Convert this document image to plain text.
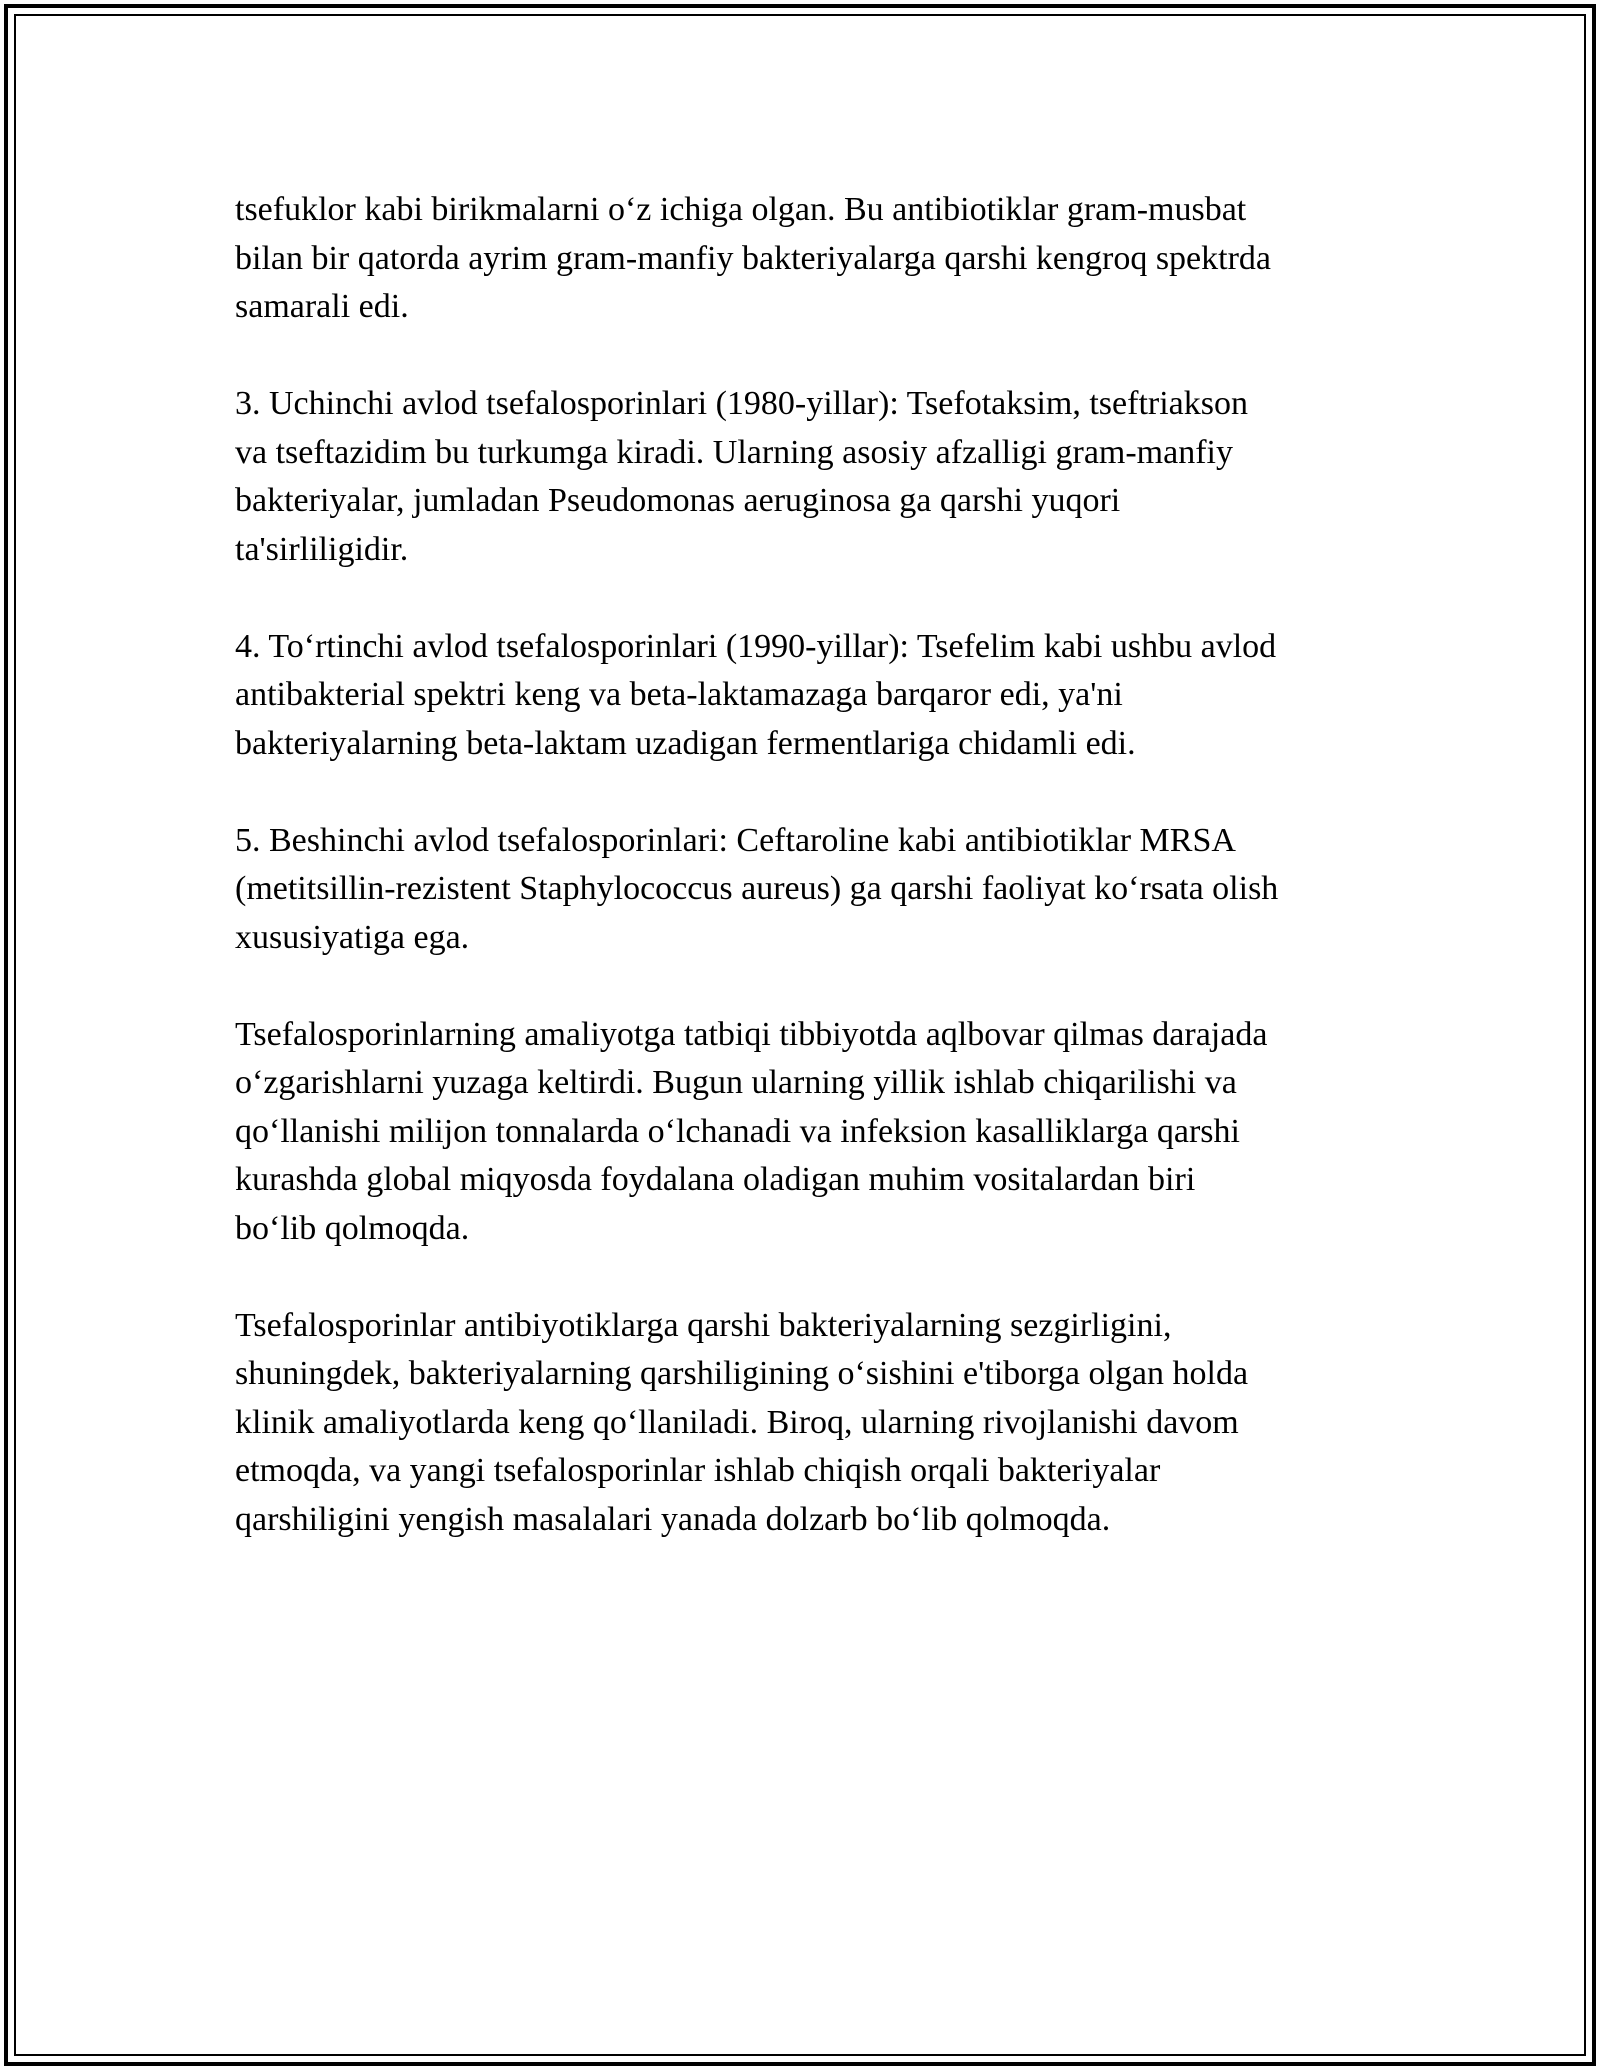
tsefuklor kabi birikmalarni o‘z ichiga olgan. Bu antibiotiklar gram-musbat
bilan bir qatorda ayrim gram-manfiy bakteriyalarga qarshi kengroq spektrda
samarali edi.

3. Uchinchi avlod tsefalosporinlari (1980-yillar): Tsefotaksim, tseftriakson
va tseftazidim bu turkumga kiradi. Ularning asosiy afzalligi gram-manfiy
bakteriyalar, jumladan Pseudomonas aeruginosa ga qarshi yuqori
ta'sirliligidir.

4. To‘rtinchi avlod tsefalosporinlari (1990-yillar): Tsefelim kabi ushbu avlod
antibakterial spektri keng va beta-laktamazaga barqaror edi, ya'ni
bakteriyalarning beta-laktam uzadigan fermentlariga chidamli edi.

5. Beshinchi avlod tsefalosporinlari: Ceftaroline kabi antibiotiklar MRSA
(metitsillin-rezistent Staphylococcus aureus) ga qarshi faoliyat ko‘rsata olish
xususiyatiga ega.

Tsefalosporinlarning amaliyotga tatbiqi tibbiyotda aqlbovar qilmas darajada
o‘zgarishlarni yuzaga keltirdi. Bugun ularning yillik ishlab chiqarilishi va
qo‘llanishi milijon tonnalarda o‘lchanadi va infeksion kasalliklarga qarshi
kurashda global miqyosda foydalana oladigan muhim vositalardan biri
bo‘lib qolmoqda.

Tsefalosporinlar antibiyotiklarga qarshi bakteriyalarning sezgirligini,
shuningdek, bakteriyalarning qarshiligining o‘sishini e'tiborga olgan holda
klinik amaliyotlarda keng qo‘llaniladi. Biroq, ularning rivojlanishi davom
etmoqda, va yangi tsefalosporinlar ishlab chiqish orqali bakteriyalar
qarshiligini yengish masalalari yanada dolzarb bo‘lib qolmoqda.
